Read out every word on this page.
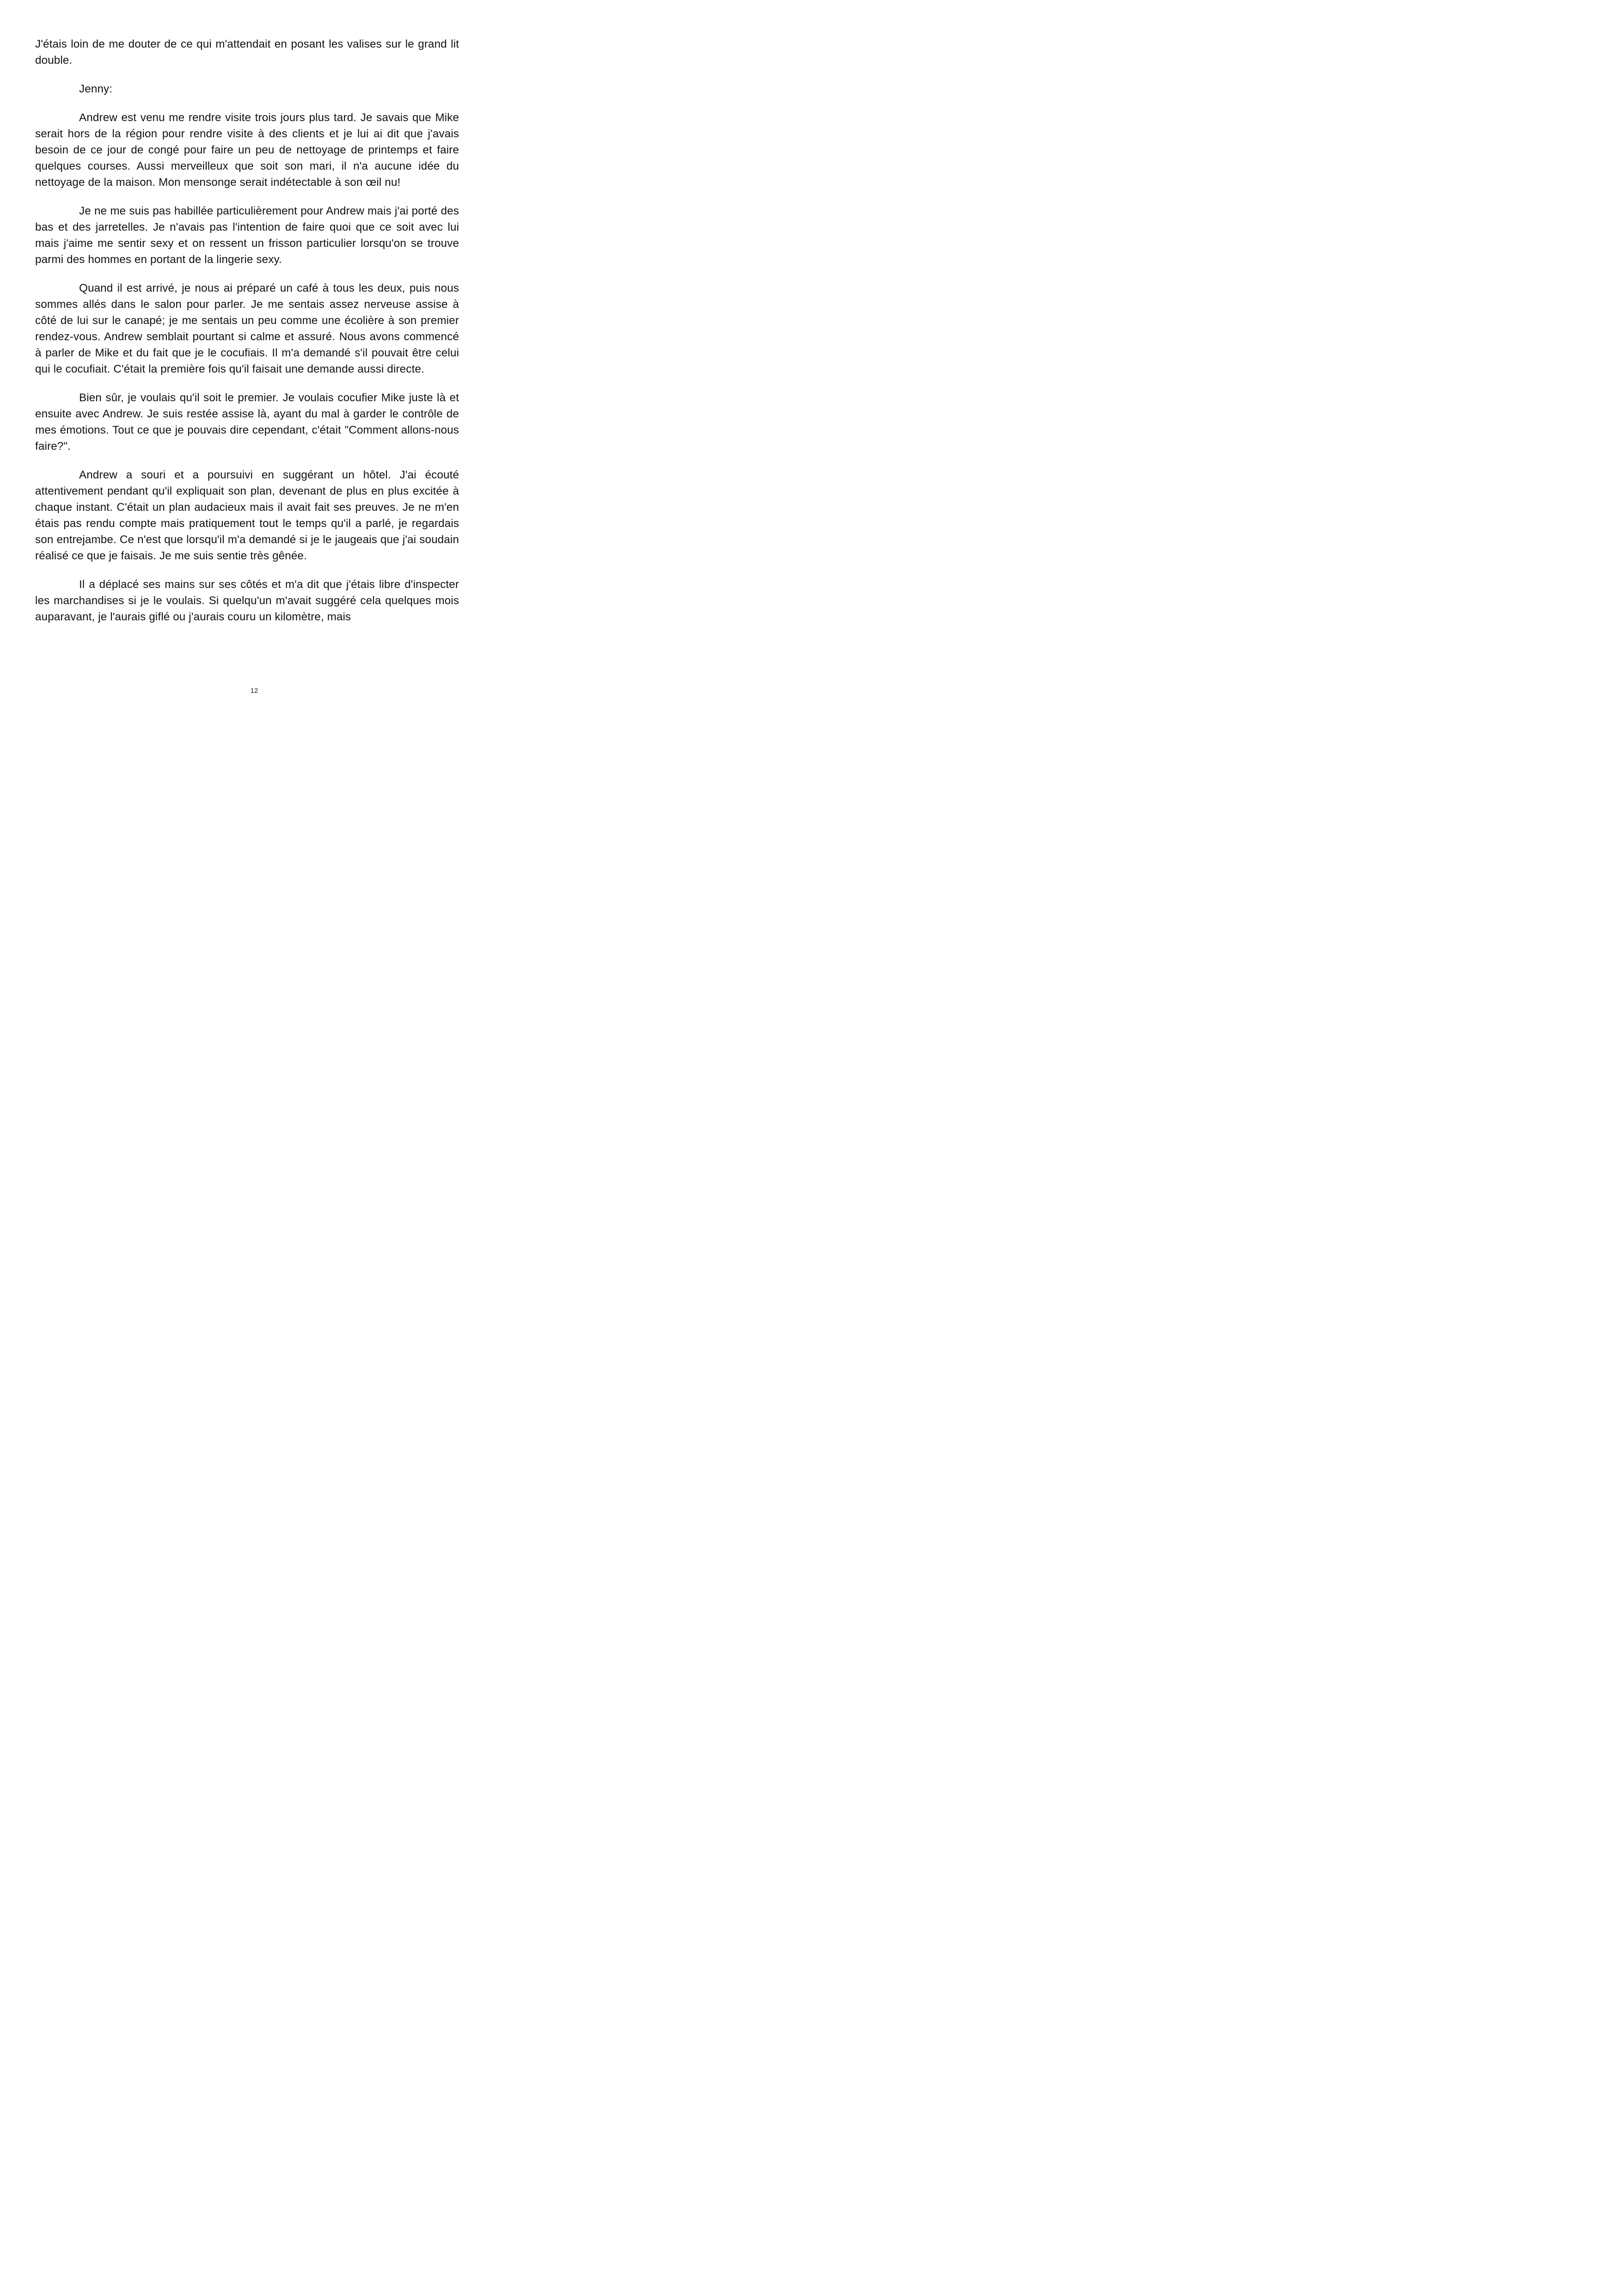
J'étais loin de me douter de ce qui m'attendait en posant les valises sur le grand lit double.

Jenny:

Andrew est venu me rendre visite trois jours plus tard. Je savais que Mike serait hors de la région pour rendre visite à des clients et je lui ai dit que j'avais besoin de ce jour de congé pour faire un peu de nettoyage de printemps et faire quelques courses. Aussi merveilleux que soit son mari, il n'a aucune idée du nettoyage de la maison. Mon mensonge serait indétectable à son œil nu!

Je ne me suis pas habillée particulièrement pour Andrew mais j'ai porté des bas et des jarretelles. Je n'avais pas l'intention de faire quoi que ce soit avec lui mais j'aime me sentir sexy et on ressent un frisson particulier lorsqu'on se trouve parmi des hommes en portant de la lingerie sexy.

Quand il est arrivé, je nous ai préparé un café à tous les deux, puis nous sommes allés dans le salon pour parler. Je me sentais assez nerveuse assise à côté de lui sur le canapé; je me sentais un peu comme une écolière à son premier rendez-vous. Andrew semblait pourtant si calme et assuré. Nous avons commencé à parler de Mike et du fait que je le cocufiais. Il m'a demandé s'il pouvait être celui qui le cocufiait. C'était la première fois qu'il faisait une demande aussi directe.

Bien sûr, je voulais qu'il soit le premier. Je voulais cocufier Mike juste là et ensuite avec Andrew. Je suis restée assise là, ayant du mal à garder le contrôle de mes émotions. Tout ce que je pouvais dire cependant, c'était "Comment allons-nous faire?".

Andrew a souri et a poursuivi en suggérant un hôtel. J'ai écouté attentivement pendant qu'il expliquait son plan, devenant de plus en plus excitée à chaque instant. C'était un plan audacieux mais il avait fait ses preuves. Je ne m'en étais pas rendu compte mais pratiquement tout le temps qu'il a parlé, je regardais son entrejambe. Ce n'est que lorsqu'il m'a demandé si je le jaugeais que j'ai soudain réalisé ce que je faisais. Je me suis sentie très gênée.

Il a déplacé ses mains sur ses côtés et m'a dit que j'étais libre d'inspecter les marchandises si je le voulais. Si quelqu'un m'avait suggéré cela quelques mois auparavant, je l'aurais giflé ou j'aurais couru un kilomètre, mais

12
